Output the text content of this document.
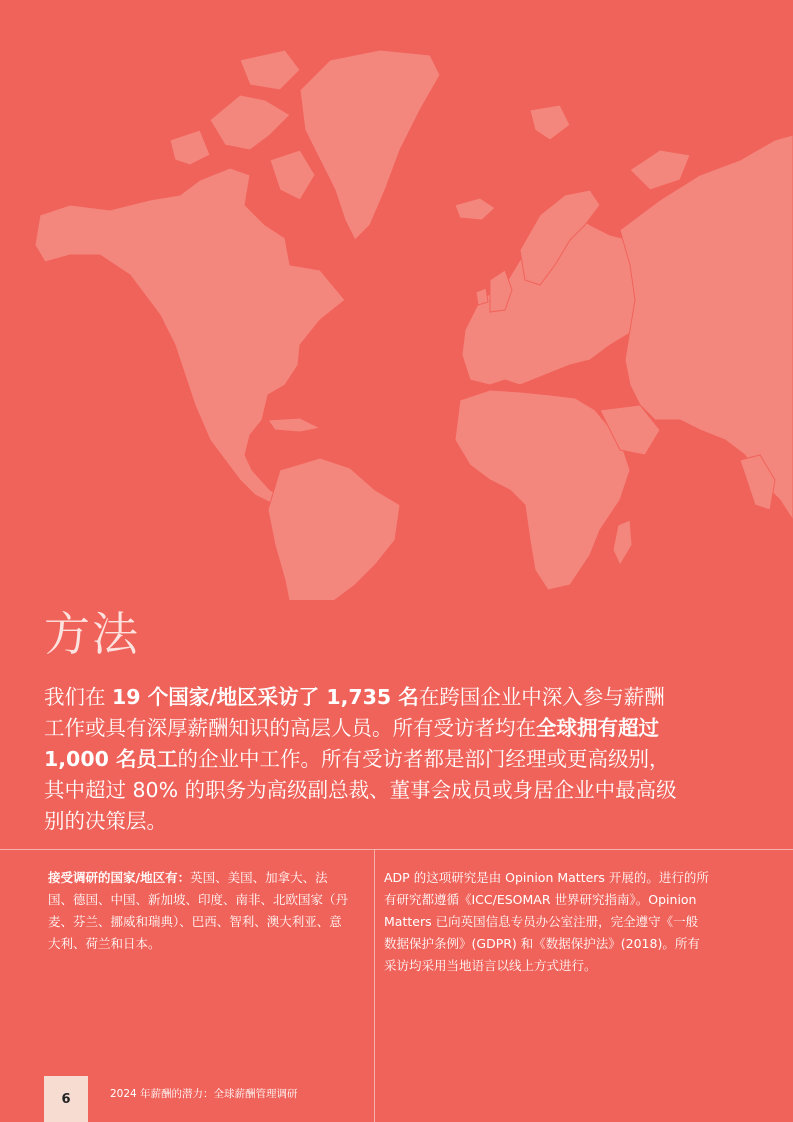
方法
我们在 19 个国家/地区采访了 1,735 名在跨国企业中深入参与薪酬工作或具有深厚薪酬知识的高层人员。所有受访者均在全球拥有超过 1,000 名员工的企业中工作。所有受访者都是部门经理或更高级别，其中超过 80% 的职务为高级副总裁、董事会成员或身居企业中最高级别的决策层。
接受调研的国家/地区有：英国、美国、加拿大、法国、德国、中国、新加坡、印度、南非、北欧国家（丹麦、芬兰、挪威和瑞典）、巴西、智利、澳大利亚、意大利、荷兰和日本。
ADP 的这项研究是由 Opinion Matters 开展的。进行的所有研究都遵循《ICC/ESOMAR 世界研究指南》。Opinion Matters 已向英国信息专员办公室注册，完全遵守《一般数据保护条例》(GDPR) 和《数据保护法》(2018)。所有采访均采用当地语言以线上方式进行。
6	2024 年薪酬的潜力：全球薪酬管理调研
